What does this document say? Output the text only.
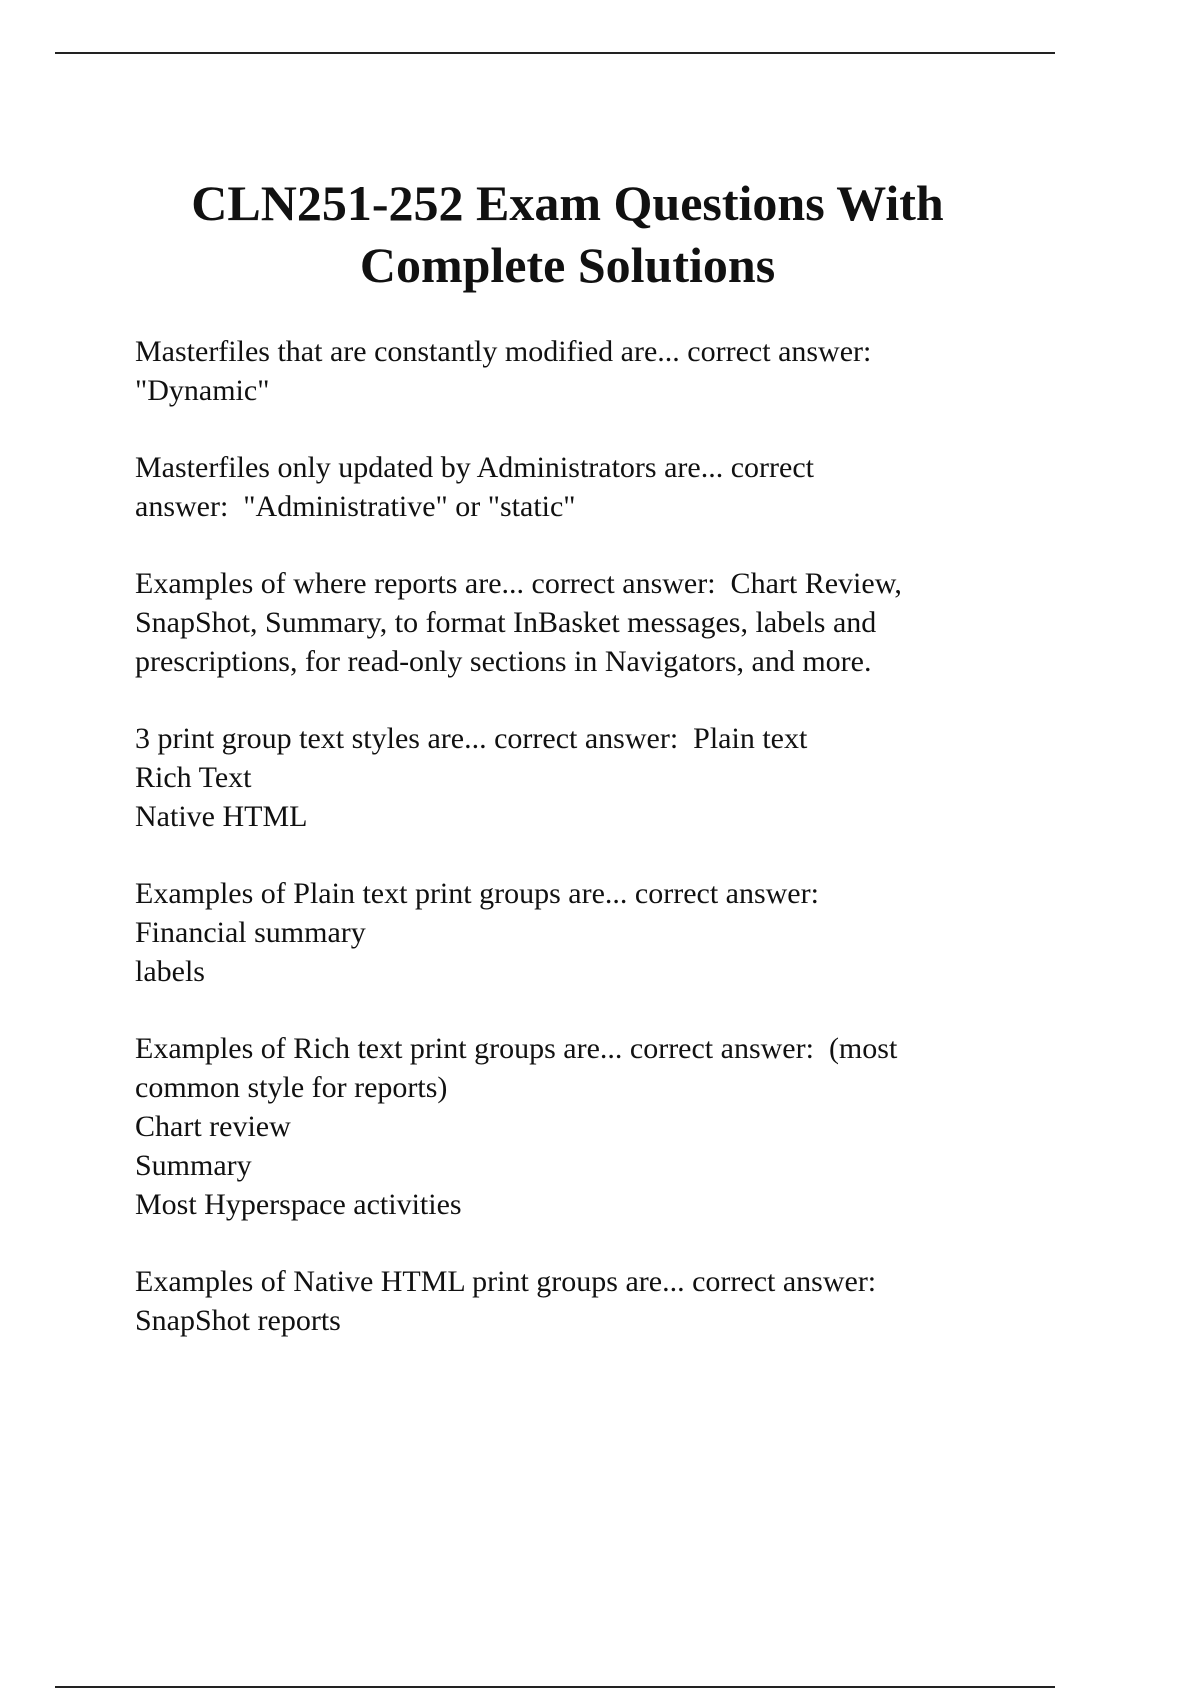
CLN251-252 Exam Questions With
Complete Solutions

Masterfiles that are constantly modified are... correct answer:
"Dynamic"

Masterfiles only updated by Administrators are... correct
answer:  "Administrative" or "static"

Examples of where reports are... correct answer:  Chart Review,
SnapShot, Summary, to format InBasket messages, labels and
prescriptions, for read-only sections in Navigators, and more.

3 print group text styles are... correct answer:  Plain text
Rich Text
Native HTML

Examples of Plain text print groups are... correct answer:
Financial summary
labels

Examples of Rich text print groups are... correct answer:  (most
common style for reports)
Chart review
Summary
Most Hyperspace activities

Examples of Native HTML print groups are... correct answer:
SnapShot reports
